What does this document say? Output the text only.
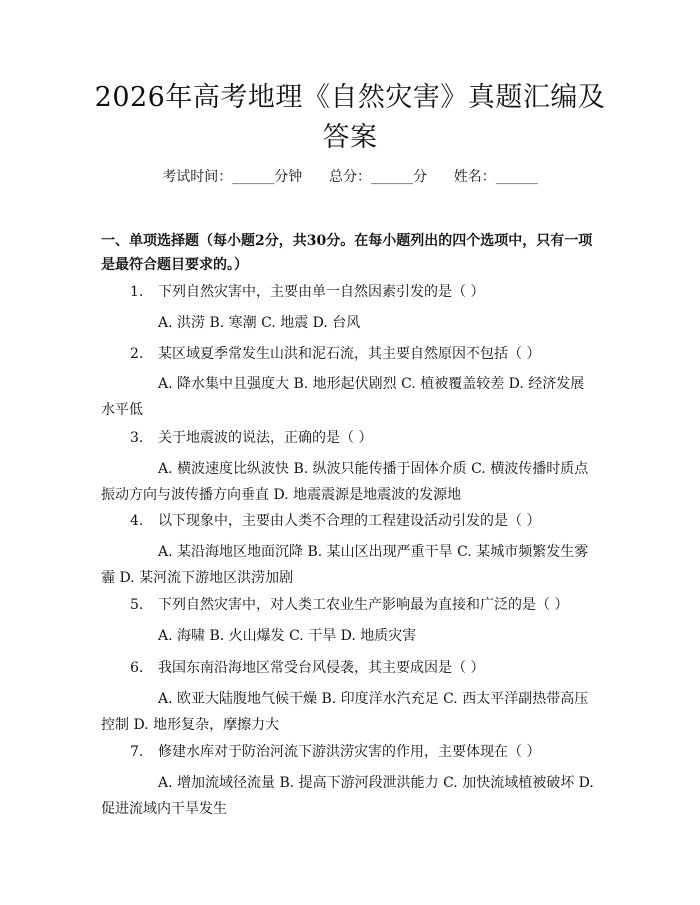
2026年高考地理《自然灾害》真题汇编及答案
考试时间：______分钟 总分：______分 姓名：______
一、单项选择题（每小题2分，共30分。在每小题列出的四个选项中，只有一项是最符合题目要求的。）
1. 下列自然灾害中，主要由单一自然因素引发的是（ ）
A. 洪涝 B. 寒潮 C. 地震 D. 台风
2. 某区域夏季常发生山洪和泥石流，其主要自然原因不包括（ ）
A. 降水集中且强度大 B. 地形起伏剧烈 C. 植被覆盖较差 D. 经济发展水平低
3. 关于地震波的说法，正确的是（ ）
A. 横波速度比纵波快 B. 纵波只能传播于固体介质 C. 横波传播时质点振动方向与波传播方向垂直 D. 地震震源是地震波的发源地
4. 以下现象中，主要由人类不合理的工程建设活动引发的是（ ）
A. 某沿海地区地面沉降 B. 某山区出现严重干旱 C. 某城市频繁发生雾霾 D. 某河流下游地区洪涝加剧
5. 下列自然灾害中，对人类工农业生产影响最为直接和广泛的是（ ）
A. 海啸 B. 火山爆发 C. 干旱 D. 地质灾害
6. 我国东南沿海地区常受台风侵袭，其主要成因是（ ）
A. 欧亚大陆腹地气候干燥 B. 印度洋水汽充足 C. 西太平洋副热带高压控制 D. 地形复杂，摩擦力大
7. 修建水库对于防治河流下游洪涝灾害的作用，主要体现在（ ）
A. 增加流域径流量 B. 提高下游河段泄洪能力 C. 加快流域植被破坏 D. 促进流域内干旱发生
